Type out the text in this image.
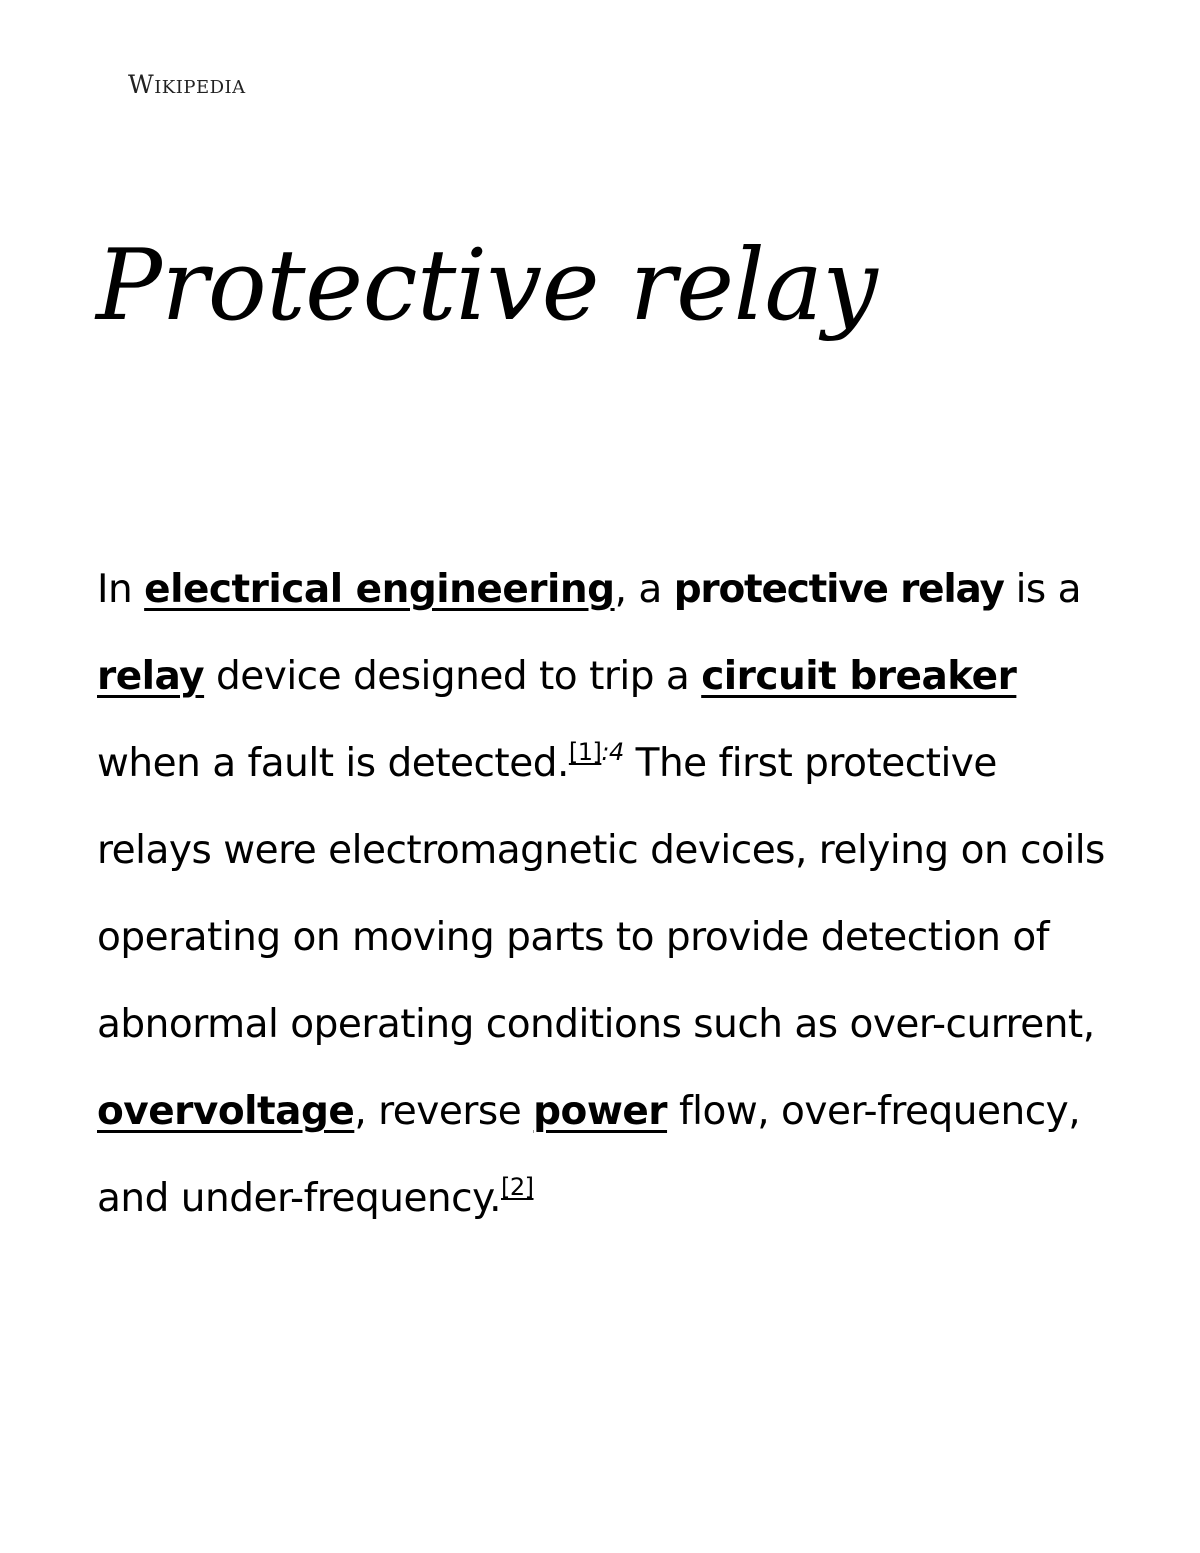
Wikipedia
Protective relay

In electrical engineering, a protective relay is a relay device designed to trip a circuit breaker when a fault is detected.$^{[1]:4}$ The first protective relays were electromagnetic devices, relying on coils operating on moving parts to provide detection of abnormal operating conditions such as over-current, overvoltage, reverse power flow, over-frequency, and under-frequency.[2]
